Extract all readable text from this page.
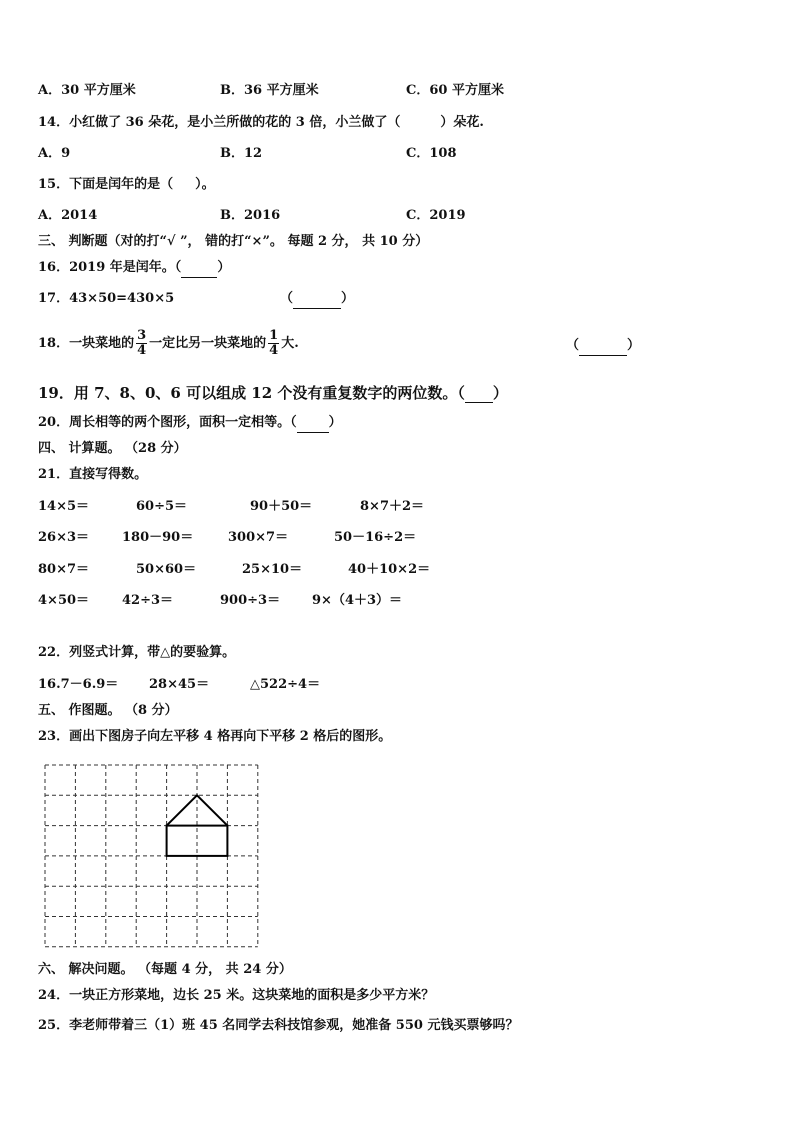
A．30 平方厘米	B．36 平方厘米	C．60 平方厘米
14．小红做了 36 朵花，是小兰所做的花的 3 倍，小兰做了（	）朵花.
A．9	B．12	C．108
15．下面是闰年的是（ ）。
A．2014	B．2016	C．2019
三、 判断题（对的打“√ ”， 错的打“×”。 每题 2 分， 共 10 分）
16．2019 年是闰年。（	）
17．43×50=430×5	（	）
18．一块菜地的 $\frac{3}{4}$ 一定比另一块菜地的 $\frac{1}{4}$ 大.	（	）
19．用 7、8、0、6 可以组成 12 个没有重复数字的两位数。（ ）
20．周长相等的两个图形，面积一定相等。（ ）
四、 计算题。 （28 分）
21．直接写得数。
14×5＝	60÷5＝	90＋50＝	8×7＋2＝
26×3＝	180－90＝	300×7＝	50－16÷2＝
80×7＝	50×60＝	25×10＝	40＋10×2＝
4×50＝	42÷3＝	900÷3＝ 9×（4＋3）＝
22．列竖式计算，带△的要验算。
16.7－6.9＝ 28×45＝	△522÷4＝
五、 作图题。 （8 分）
23．画出下图房子向左平移 4 格再向下平移 2 格后的图形。
六、 解决问题。 （每题 4 分， 共 24 分）
24．一块正方形菜地，边长 25 米。这块菜地的面积是多少平方米？
25．李老师带着三（1）班 45 名同学去科技馆参观，她准备 550 元钱买票够吗？
